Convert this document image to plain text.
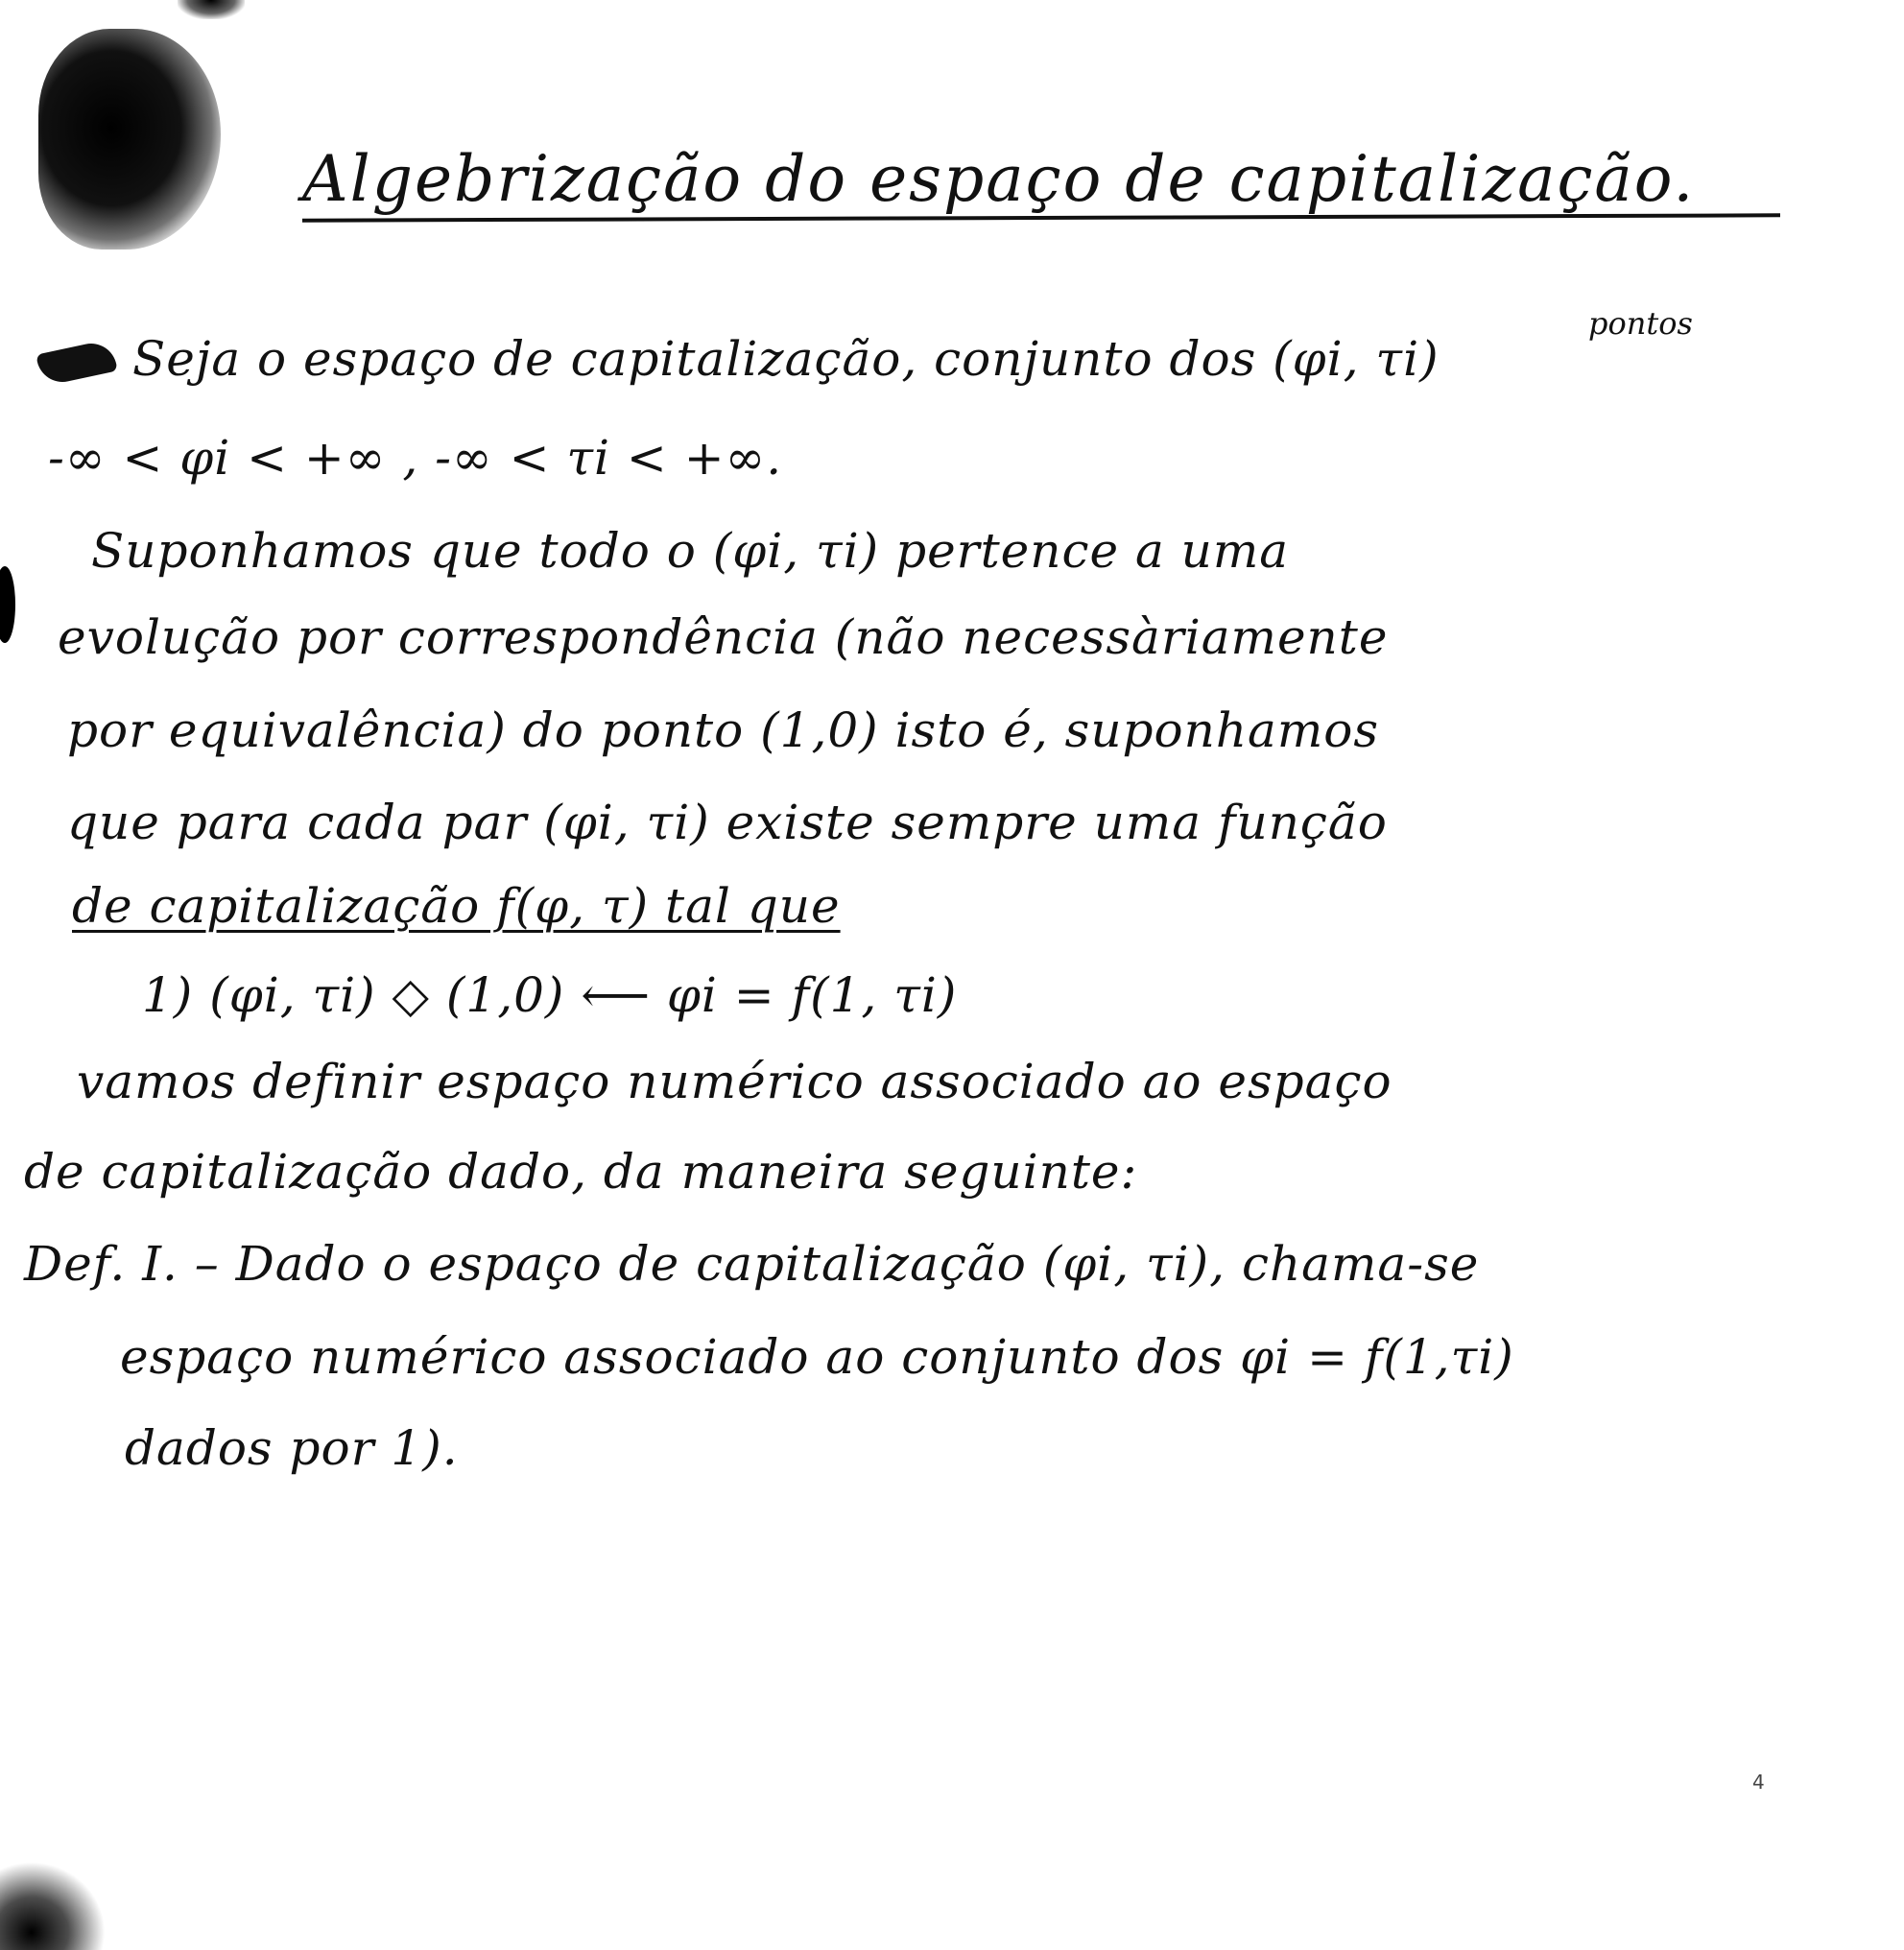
Algebrização do espaço de capitalização.
pontos
Seja o espaço de capitalização, conjunto dos (φi, τi)
-∞ < φi < +∞ , -∞ < τi < +∞.
Suponhamos que todo o (φi, τi) pertence a uma
evolução por correspondência (não necessàriamente
por equivalência) do ponto (1,0) isto é, suponhamos
que para cada par (φi, τi) existe sempre uma função
de capitalização f(φ, τ) tal que
1) (φi, τi) ◇ (1,0) ⟵ φi = f(1, τi)
vamos definir espaço numérico associado ao espaço
de capitalização dado, da maneira seguinte:
Def. I. – Dado o espaço de capitalização (φi, τi), chama-se
espaço numérico associado ao conjunto dos φi = f(1,τi)
dados por 1).
4
